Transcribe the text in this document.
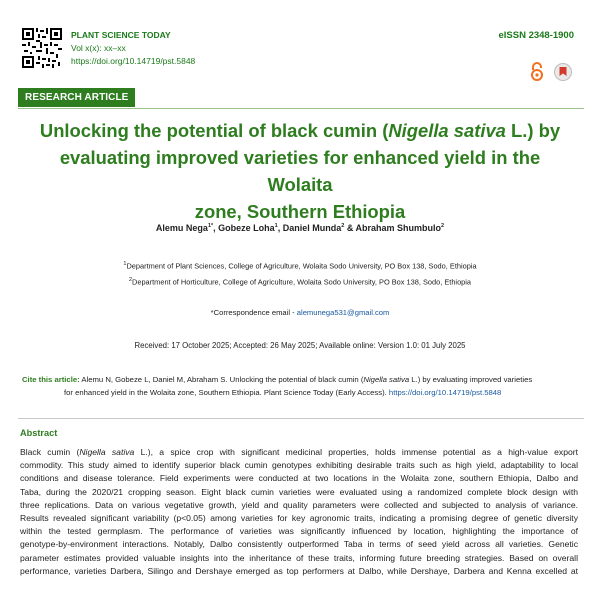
PLANT SCIENCE TODAY
Vol x(x): xx–xx
https://doi.org/10.14719/pst.5848
eISSN 2348-1900

RESEARCH ARTICLE
Unlocking the potential of black cumin (Nigella sativa L.) by
evaluating improved varieties for enhanced yield in the Wolaita
zone, Southern Ethiopia
Alemu Nega$^{1*}$, Gobeze Loha$^1$, Daniel Munda$^2$ & Abraham Shumbulo$^2$
$^1$Department of Plant Sciences, College of Agriculture, Wolaita Sodo University, PO Box 138, Sodo, Ethiopia
$^2$Department of Horticulture, College of Agriculture, Wolaita Sodo University, PO Box 138, Sodo, Ethiopia
*Correspondence email - alemunega531@gmail.com
Received: 17 October 2025; Accepted: 26 May 2025; Available online: Version 1.0: 01 July 2025
Cite this article: Alemu N, Gobeze L, Daniel M, Abraham S. Unlocking the potential of black cumin (Nigella sativa L.) by evaluating improved varieties
for enhanced yield in the Wolaita zone, Southern Ethiopia. Plant Science Today (Early Access). https://doi.org/10.14719/pst.5848
Abstract
Black cumin (Nigella sativa L.), a spice crop with significant medicinal properties, holds immense potential as a high-value export
commodity. This study aimed to identify superior black cumin genotypes exhibiting desirable traits such as high yield, adaptability to local
conditions and disease tolerance. Field experiments were conducted at two locations in the Wolaita zone, southern Ethiopia, Dalbo and
Taba, during the 2020/21 cropping season. Eight black cumin varieties were evaluated using a randomized complete block design with
three replications. Data on various vegetative growth, yield and quality parameters were collected and subjected to analysis of variance.
Results revealed significant variability (p<0.05) among varieties for key agronomic traits, indicating a promising degree of genetic diversity
within the tested germplasm. The performance of varieties was significantly influenced by location, highlighting the importance of
genotype-by-environment interactions. Notably, Dalbo consistently outperformed Taba in terms of seed yield across all varieties. Genetic
parameter estimates provided valuable insights into the inheritance of these traits, informing future breeding strategies. Based on overall
performance, varieties Darbera, Silingo and Dershaye emerged as top performers at Dalbo, while Dershaye, Darbera and Kenna excelled at
